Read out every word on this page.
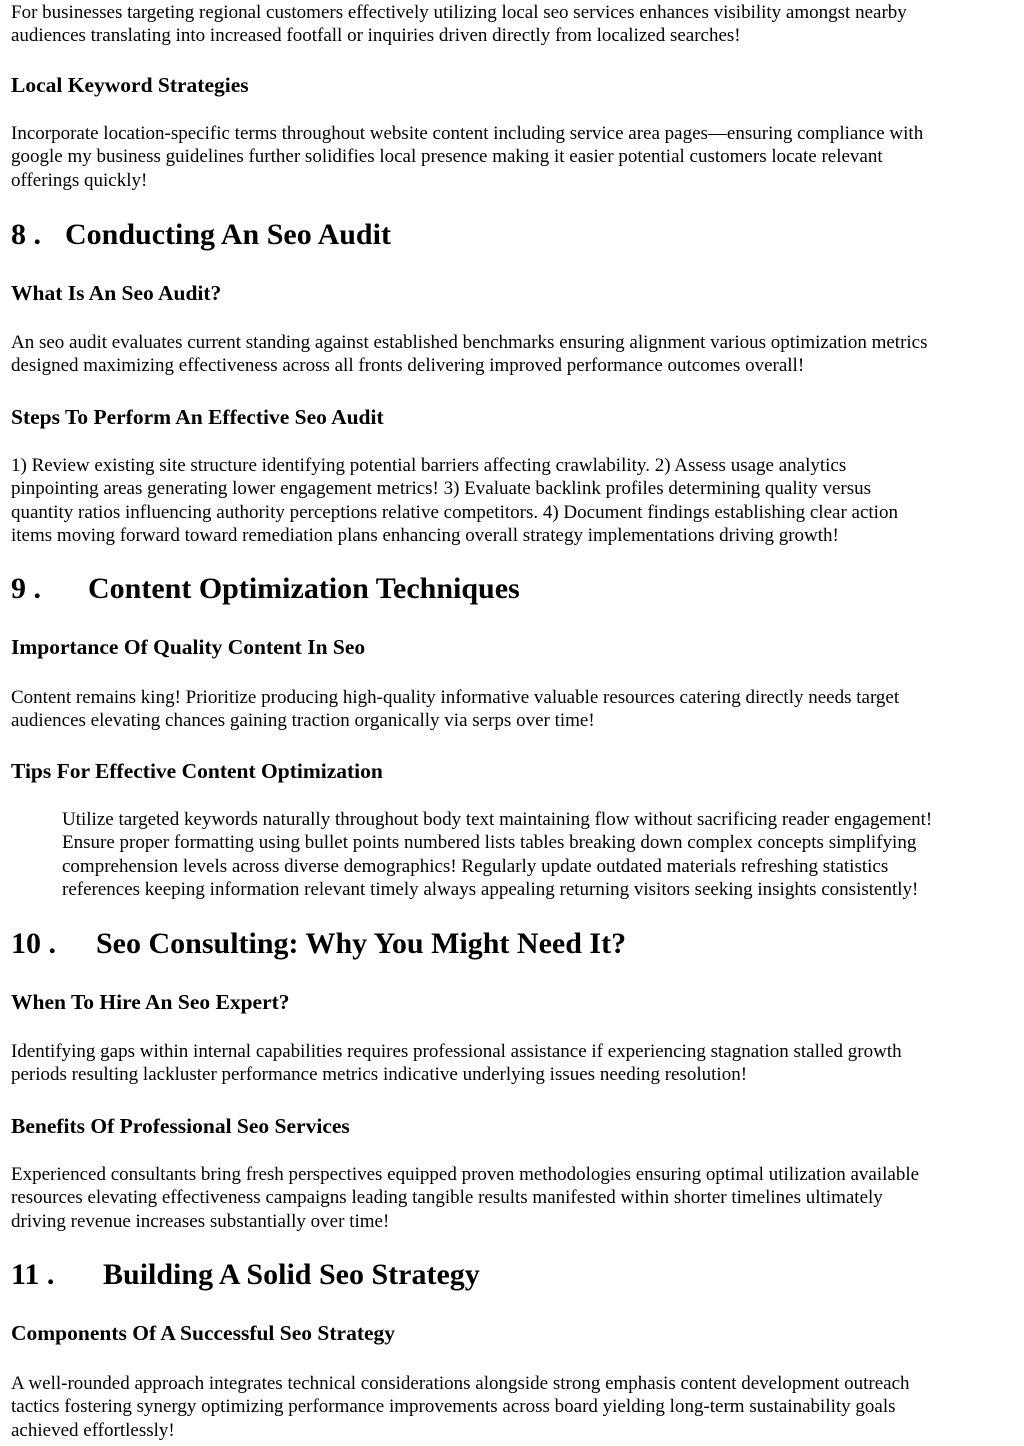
For businesses targeting regional customers effectively utilizing local seo services enhances visibility amongst nearby
audiences translating into increased footfall or inquiries driven directly from localized searches!

Local Keyword Strategies

Incorporate location-specific terms throughout website content including service area pages—ensuring compliance with
google my business guidelines further solidifies local presence making it easier potential customers locate relevant
offerings quickly!

8 . Conducting An Seo Audit
What Is An Seo Audit?

An seo audit evaluates current standing against established benchmarks ensuring alignment various optimization metrics
designed maximizing effectiveness across all fronts delivering improved performance outcomes overall!

Steps To Perform An Effective Seo Audit

1) Review existing site structure identifying potential barriers affecting crawlability. 2) Assess usage analytics
pinpointing areas generating lower engagement metrics! 3) Evaluate backlink profiles determining quality versus
quantity ratios influencing authority perceptions relative competitors. 4) Document findings establishing clear action
items moving forward toward remediation plans enhancing overall strategy implementations driving growth!

9 . Content Optimization Techniques
Importance Of Quality Content In Seo

Content remains king! Prioritize producing high-quality informative valuable resources catering directly needs target
audiences elevating chances gaining traction organically via serps over time!

Tips For Effective Content Optimization

Utilize targeted keywords naturally throughout body text maintaining flow without sacrificing reader engagement!
Ensure proper formatting using bullet points numbered lists tables breaking down complex concepts simplifying
comprehension levels across diverse demographics! Regularly update outdated materials refreshing statistics
references keeping information relevant timely always appealing returning visitors seeking insights consistently!

10 . Seo Consulting: Why You Might Need It?
When To Hire An Seo Expert?

Identifying gaps within internal capabilities requires professional assistance if experiencing stagnation stalled growth
periods resulting lackluster performance metrics indicative underlying issues needing resolution!

Benefits Of Professional Seo Services

Experienced consultants bring fresh perspectives equipped proven methodologies ensuring optimal utilization available
resources elevating effectiveness campaigns leading tangible results manifested within shorter timelines ultimately
driving revenue increases substantially over time!

11 . Building A Solid Seo Strategy
Components Of A Successful Seo Strategy

A well-rounded approach integrates technical considerations alongside strong emphasis content development outreach
tactics fostering synergy optimizing performance improvements across board yielding long-term sustainability goals
achieved effortlessly!
